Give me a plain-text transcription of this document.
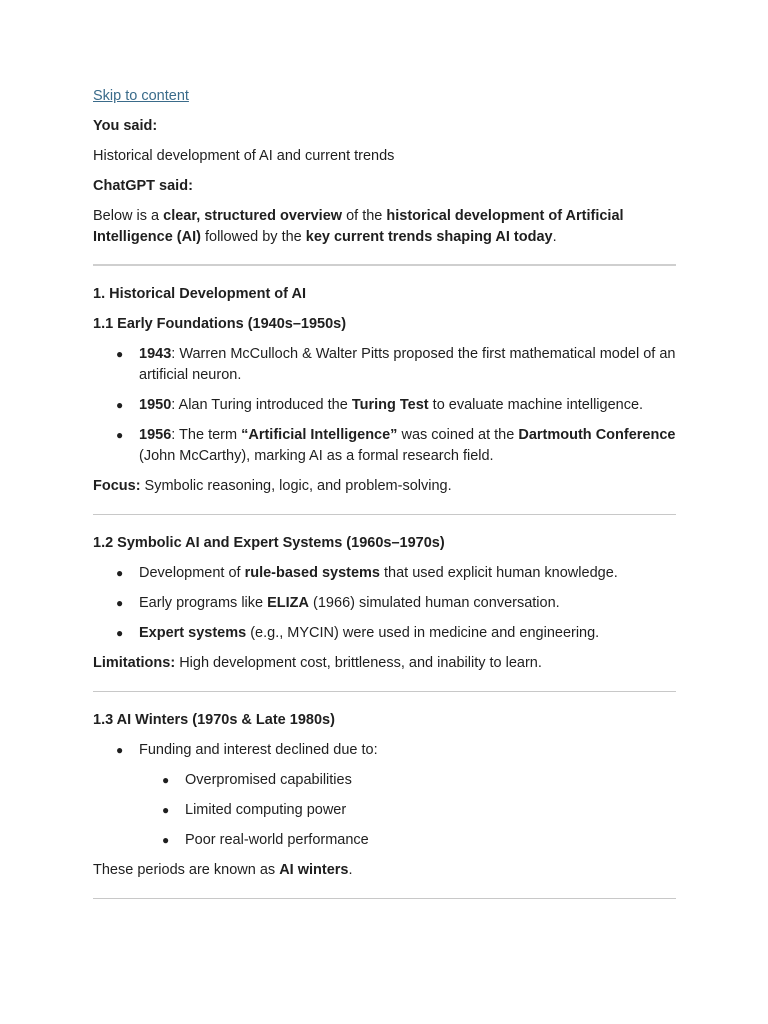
Skip to content

You said:

Historical development of AI and current trends

ChatGPT said:

Below is a clear, structured overview of the historical development of Artificial Intelligence (AI) followed by the key current trends shaping AI today.

1. Historical Development of AI

1.1 Early Foundations (1940s–1950s)

● 1943: Warren McCulloch & Walter Pitts proposed the first mathematical model of an artificial neuron.
● 1950: Alan Turing introduced the Turing Test to evaluate machine intelligence.
● 1956: The term “Artificial Intelligence” was coined at the Dartmouth Conference (John McCarthy), marking AI as a formal research field.

Focus: Symbolic reasoning, logic, and problem-solving.

1.2 Symbolic AI and Expert Systems (1960s–1970s)

● Development of rule-based systems that used explicit human knowledge.
● Early programs like ELIZA (1966) simulated human conversation.
● Expert systems (e.g., MYCIN) were used in medicine and engineering.

Limitations: High development cost, brittleness, and inability to learn.

1.3 AI Winters (1970s & Late 1980s)

● Funding and interest declined due to:
● Overpromised capabilities
● Limited computing power
● Poor real-world performance

These periods are known as AI winters.
